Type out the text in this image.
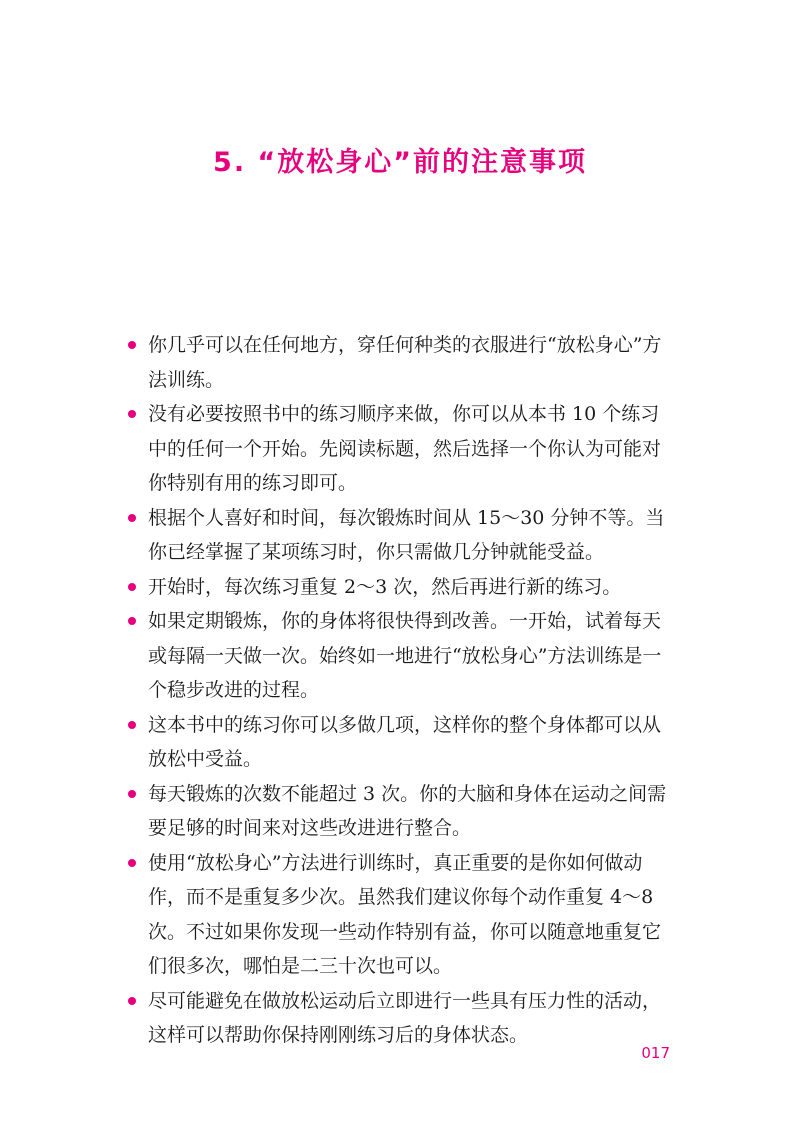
5. “放松身心”前的注意事项
你几乎可以在任何地方，穿任何种类的衣服进行“放松身心”方法训练。
没有必要按照书中的练习顺序来做，你可以从本书 10 个练习中的任何一个开始。先阅读标题，然后选择一个你认为可能对你特别有用的练习即可。
根据个人喜好和时间，每次锻炼时间从 15～30 分钟不等。当你已经掌握了某项练习时，你只需做几分钟就能受益。
开始时，每次练习重复 2～3 次，然后再进行新的练习。
如果定期锻炼，你的身体将很快得到改善。一开始，试着每天或每隔一天做一次。始终如一地进行“放松身心”方法训练是一个稳步改进的过程。
这本书中的练习你可以多做几项，这样你的整个身体都可以从放松中受益。
每天锻炼的次数不能超过 3 次。你的大脑和身体在运动之间需要足够的时间来对这些改进进行整合。
使用“放松身心”方法进行训练时，真正重要的是你如何做动作，而不是重复多少次。虽然我们建议你每个动作重复 4～8 次。不过如果你发现一些动作特别有益，你可以随意地重复它们很多次，哪怕是二三十次也可以。
尽可能避免在做放松运动后立即进行一些具有压力性的活动，这样可以帮助你保持刚刚练习后的身体状态。

017
